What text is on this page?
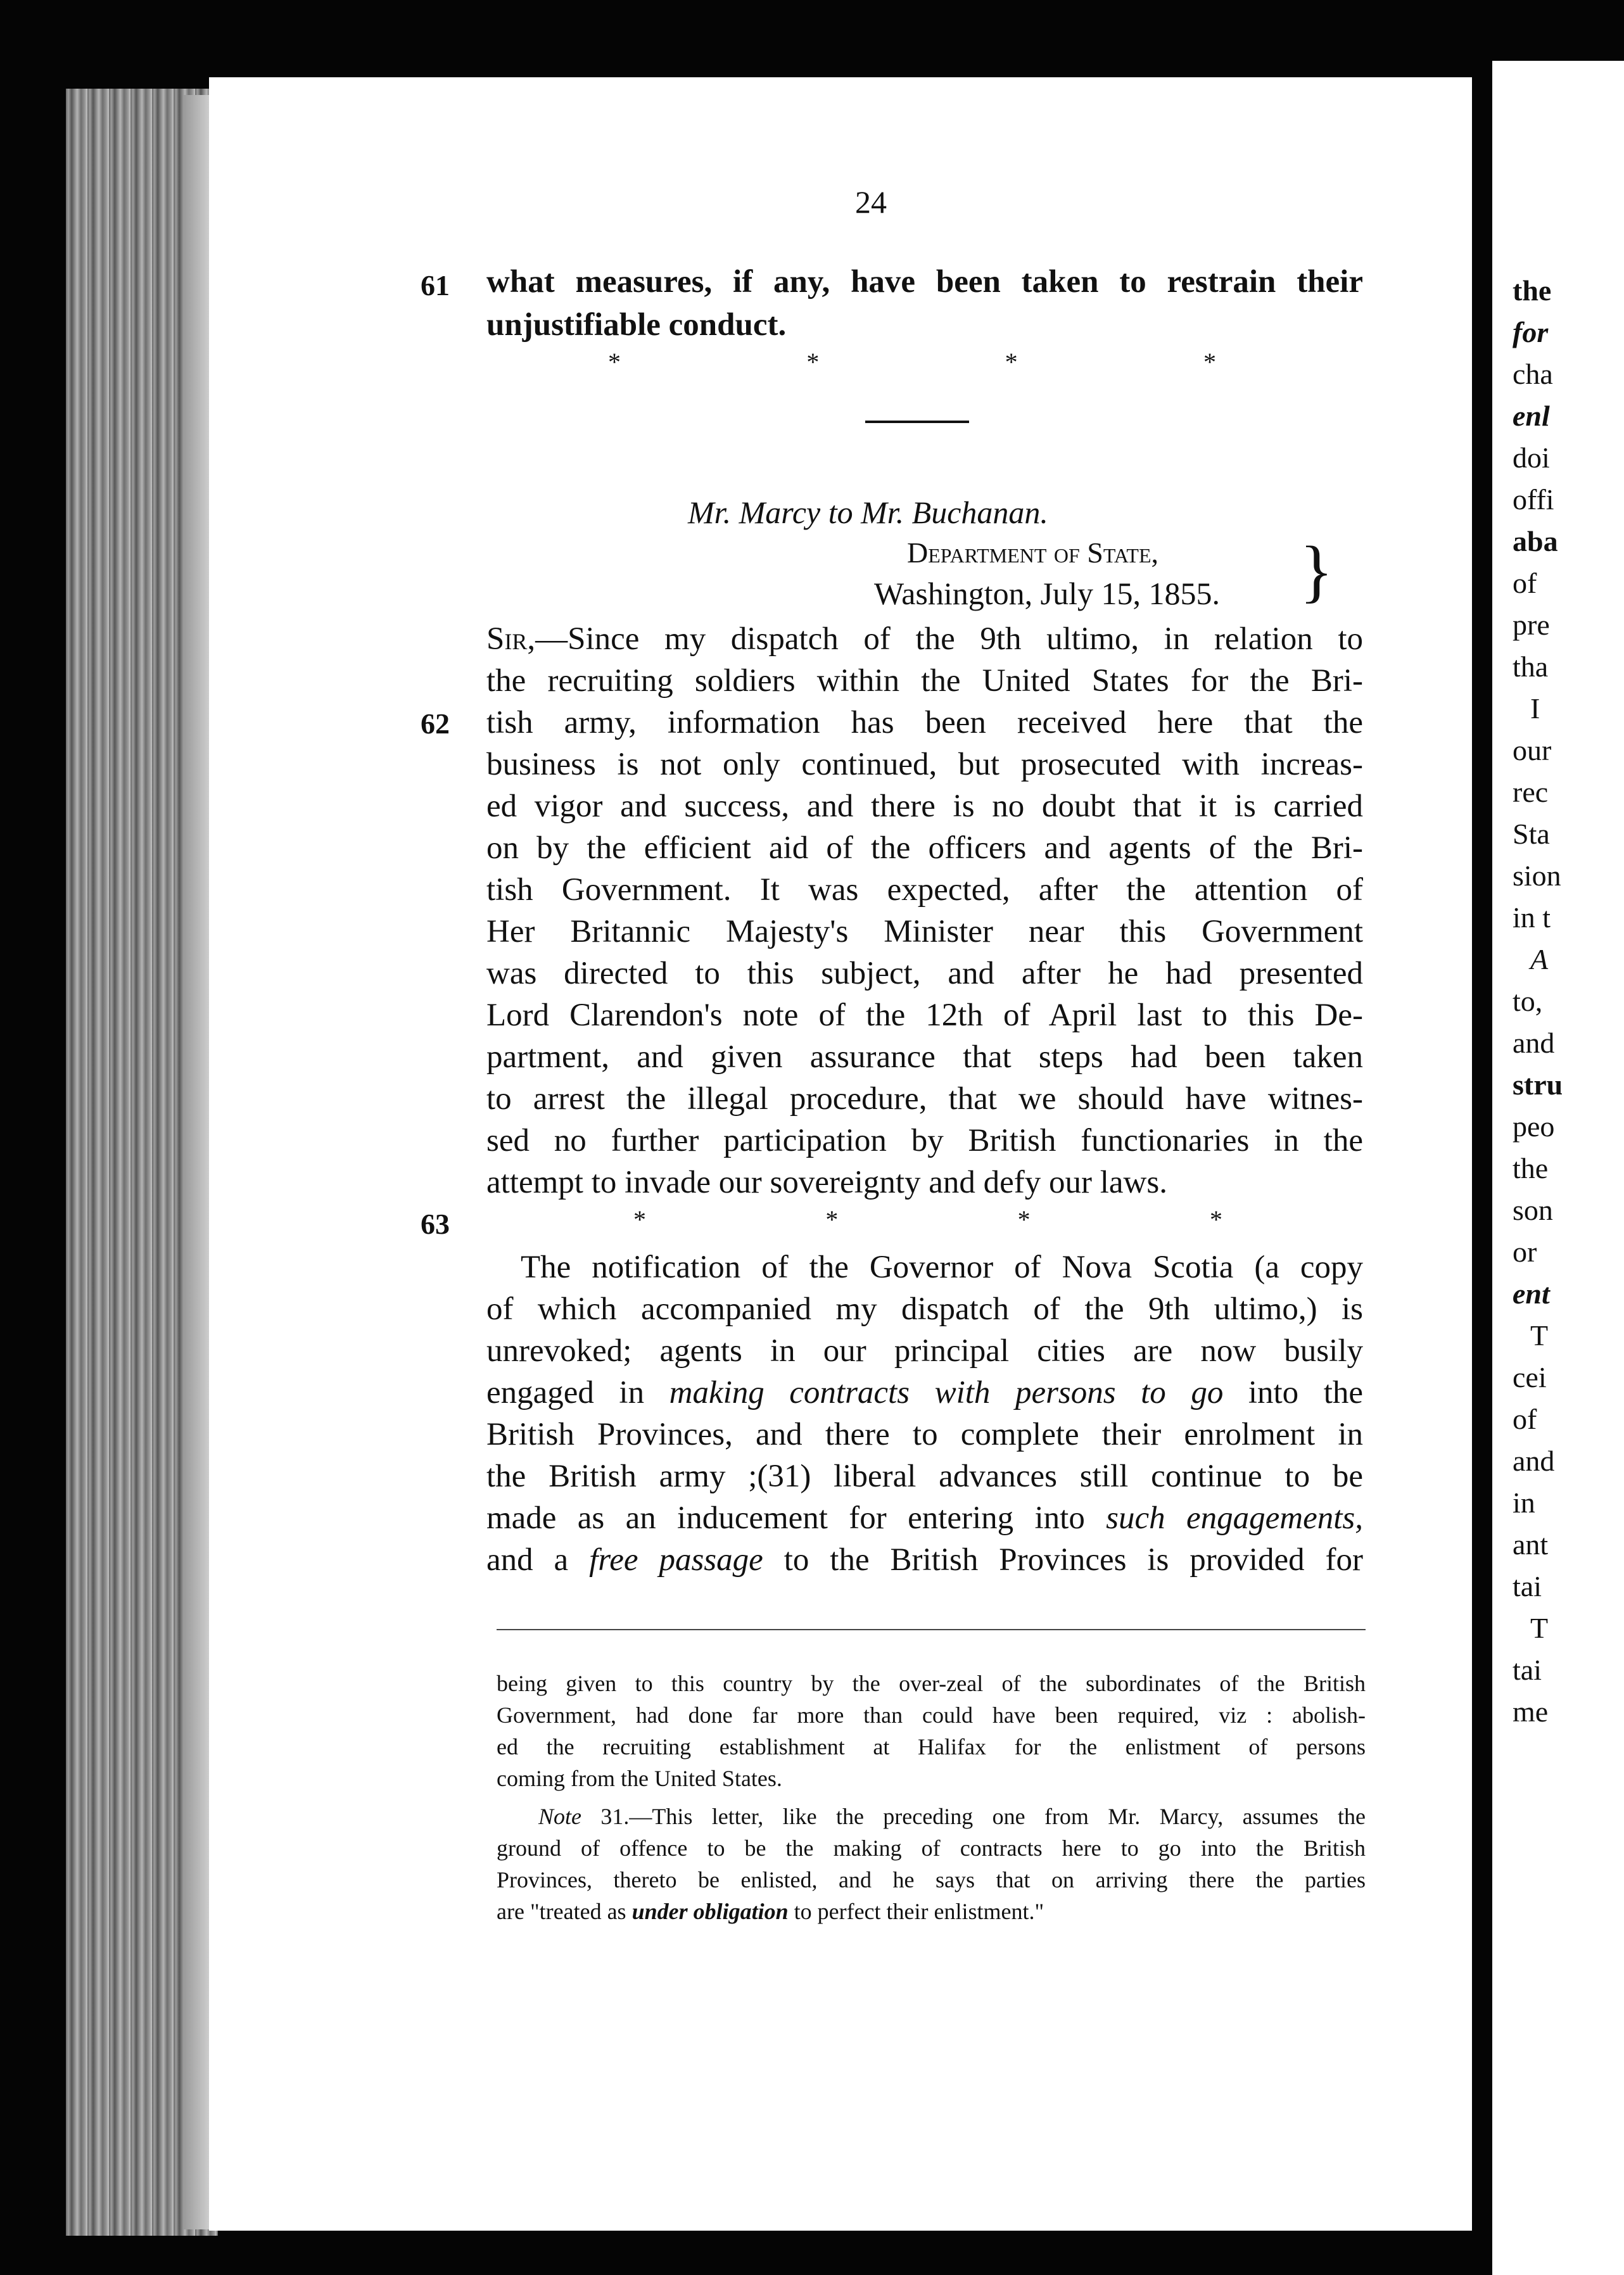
the
for
cha
enl
doi
offi
aba
of
pre
tha
I
our
rec
Sta
sion
in t
A
to,
and
stru
peo
the
son
or
ent
T
cei
of
and
in
ant
tai
T
tai
me
24
61 what measures, if any, have been taken to restrain their
unjustifiable conduct.
*	*	*	*
Mr. Marcy to Mr. Buchanan.
Department of State,
Washington, July 15, 1855. }
Sir,—Since my dispatch of the 9th ultimo, in relation to
the recruiting soldiers within the United States for the Bri-
62 tish army, information has been received here that the
business is not only continued, but prosecuted with increas-
ed vigor and success, and there is no doubt that it is carried
on by the efficient aid of the officers and agents of the Bri-
tish Government. It was expected, after the attention of
Her Britannic Majesty's Minister near this Government
was directed to this subject, and after he had presented
Lord Clarendon's note of the 12th of April last to this De-
partment, and given assurance that steps had been taken
to arrest the illegal procedure, that we should have witnes-
sed no further participation by British functionaries in the
attempt to invade our sovereignty and defy our laws.
63	*	*	*	*
The notification of the Governor of Nova Scotia (a copy
of which accompanied my dispatch of the 9th ultimo,) is
unrevoked; agents in our principal cities are now busily
engaged in making contracts with persons to go into the
British Provinces, and there to complete their enrolment in
the British army ;(31) liberal advances still continue to be
made as an inducement for entering into such engagements,
and a free passage to the British Provinces is provided for
being given to this country by the over-zeal of the subordinates of the British
Government, had done far more than could have been required, viz : abolish-
ed the recruiting establishment at Halifax for the enlistment of persons
coming from the United States.
Note 31.—This letter, like the preceding one from Mr. Marcy, assumes the
ground of offence to be the making of contracts here to go into the British
Provinces, thereto be enlisted, and he says that on arriving there the parties
are "treated as under obligation to perfect their enlistment."
